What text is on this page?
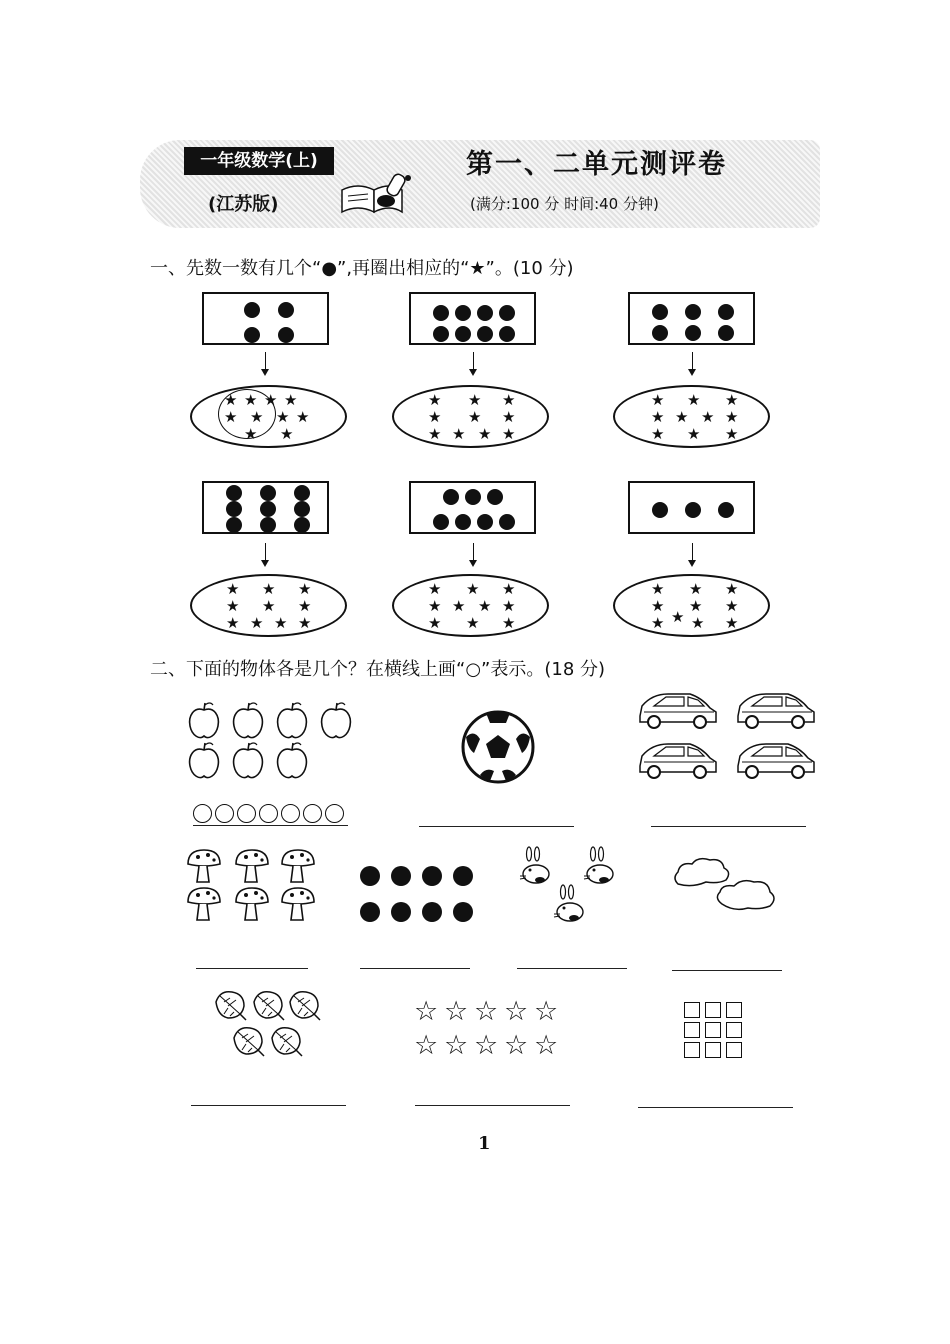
一年级数学(上)
(江苏版)
第一、二单元测评卷
(满分:100 分 时间:40 分钟)
一、先数一数有几个“●”,再圈出相应的“★”。(10 分)
★ ★ ★ ★
★ ★ ★ ★
★ ★
★ ★ ★
★ ★ ★
★ ★ ★ ★
★ ★ ★
★ ★ ★ ★
★ ★ ★
★ ★ ★
★ ★ ★
★ ★ ★ ★
★ ★ ★
★ ★ ★ ★
★ ★ ★
★ ★ ★
★ ★ ★
★ ★ ★ ★
二、下面的物体各是几个？在横线上画“○”表示。(18 分)
☆ ☆ ☆ ☆ ☆
☆ ☆ ☆ ☆ ☆
1
